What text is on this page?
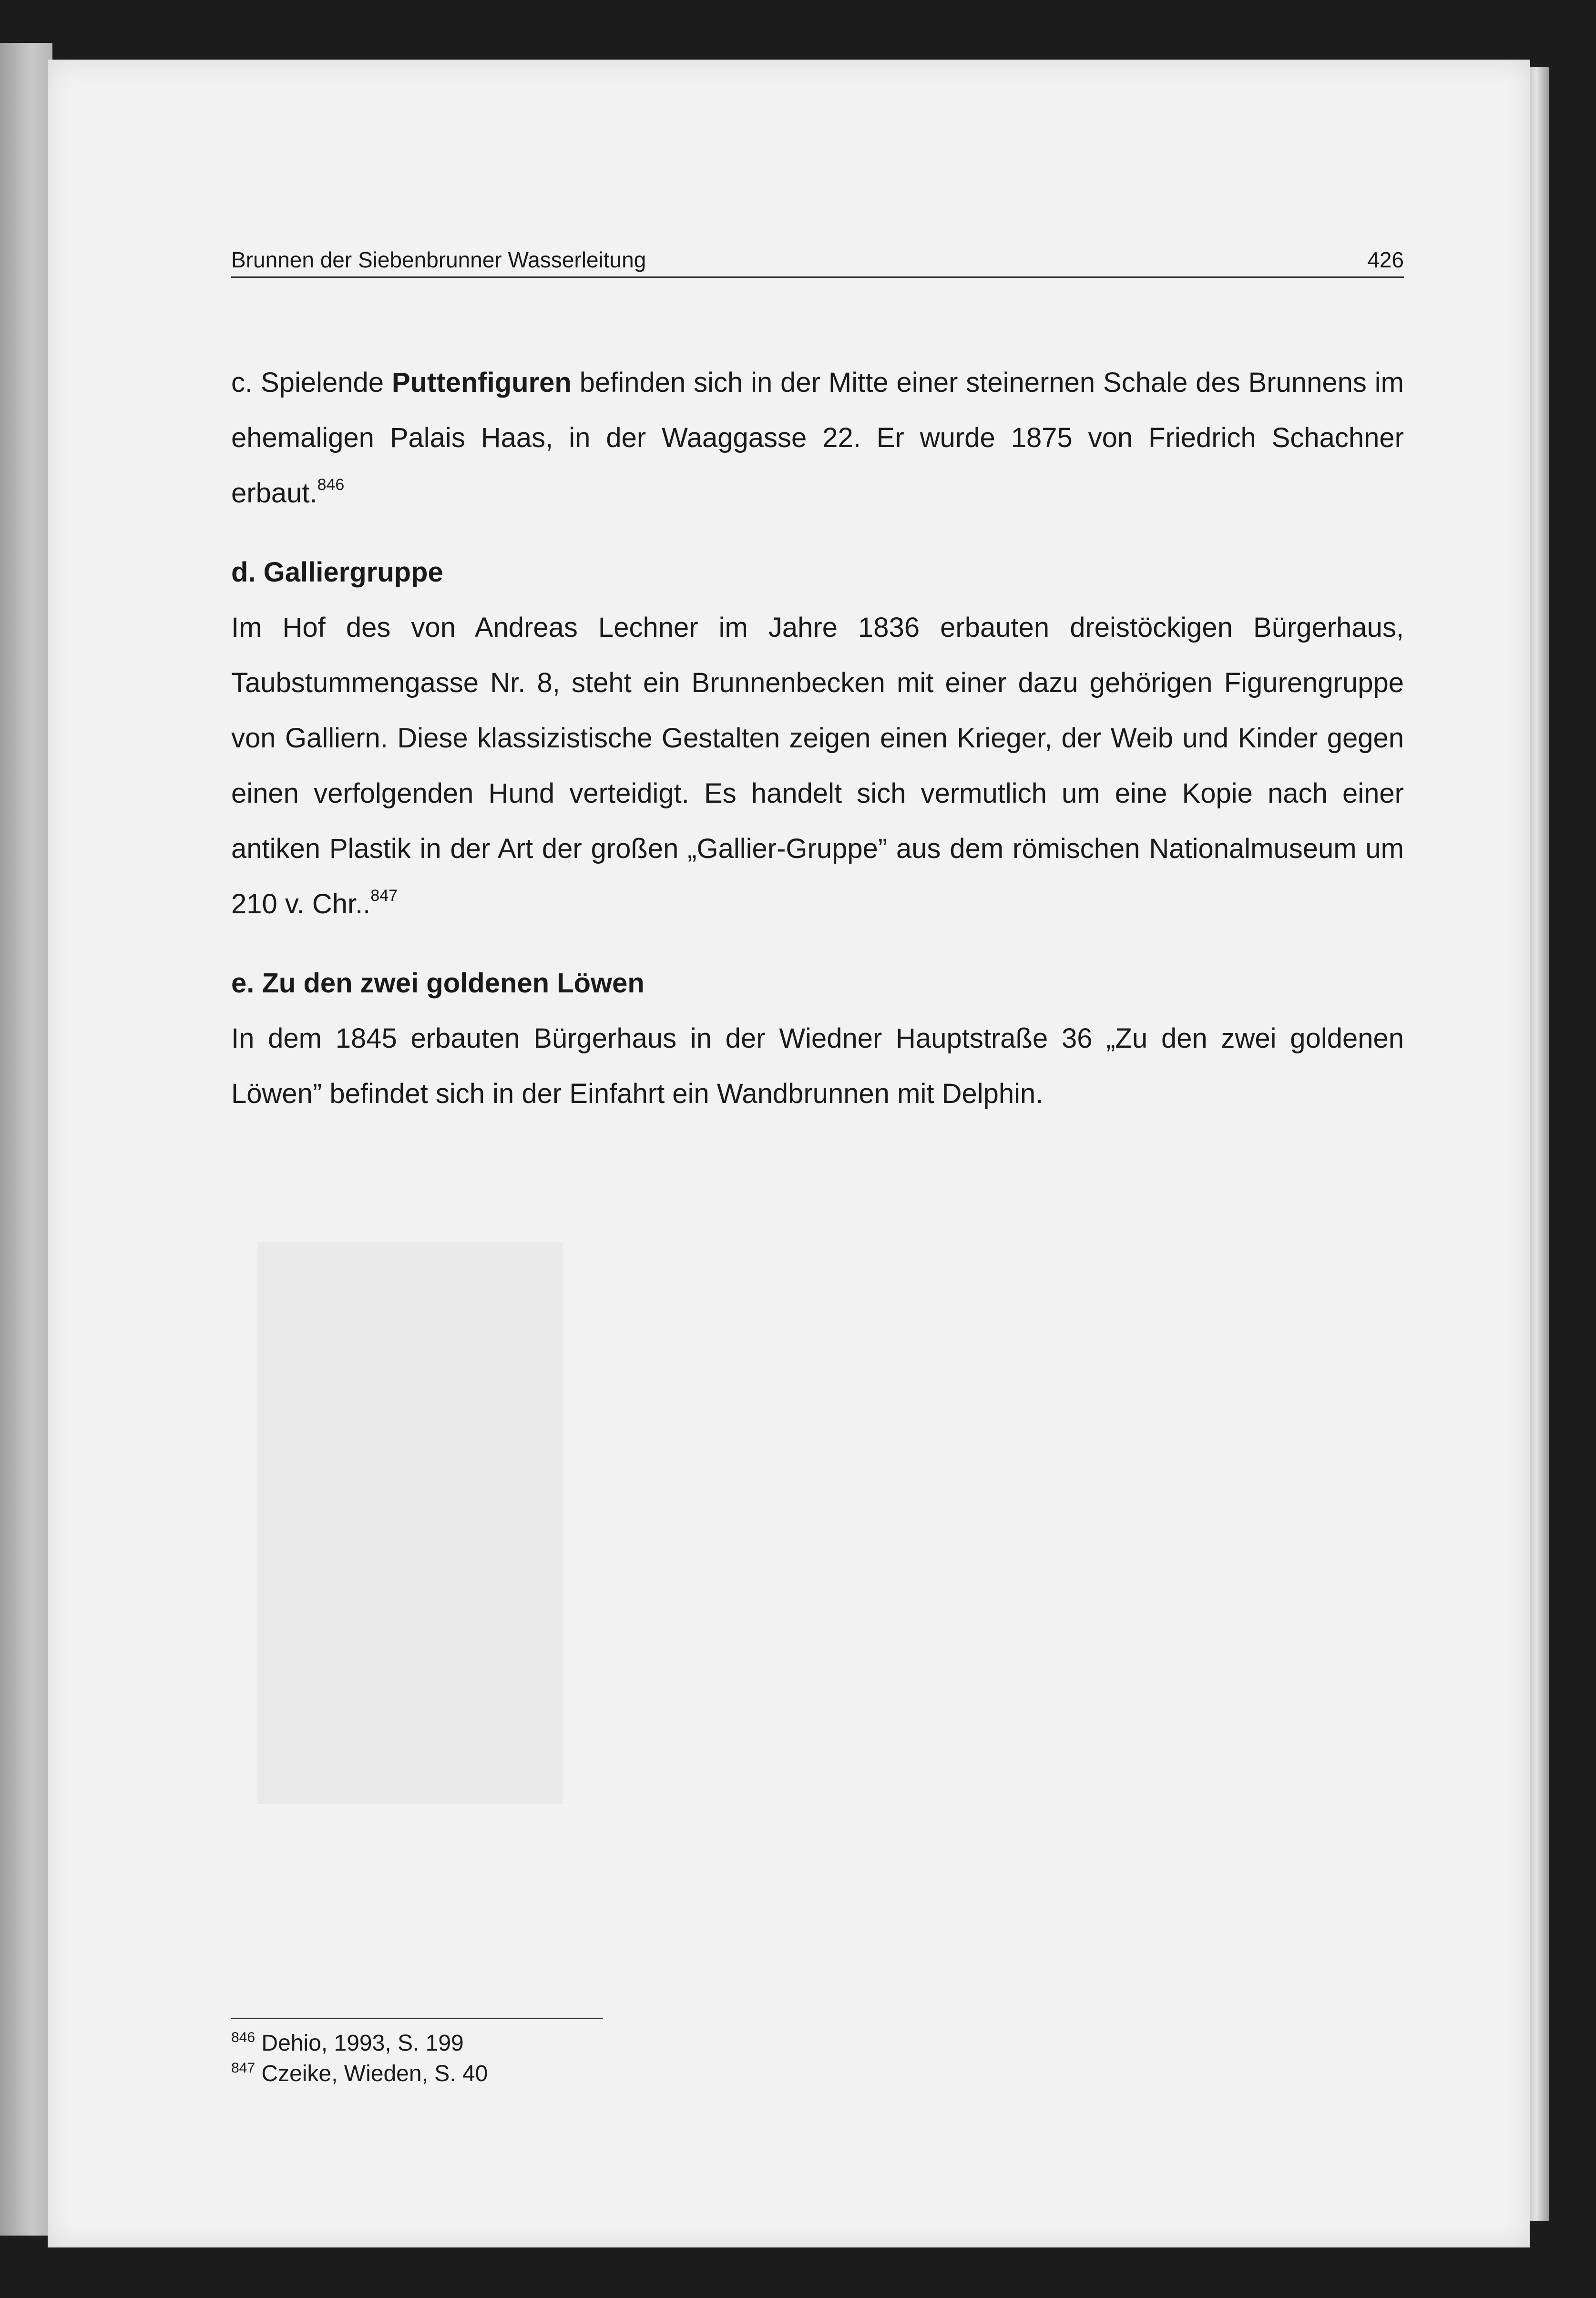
Brunnen der Siebenbrunner Wasserleitung	426

c. Spielende Puttenfiguren befinden sich in der Mitte einer steinernen Schale des Brunnens im ehemaligen Palais Haas, in der Waaggasse 22. Er wurde 1875 von Friedrich Schachner erbaut.$^{846}$

d. Galliergruppe

Im Hof des von Andreas Lechner im Jahre 1836 erbauten dreistöckigen Bürgerhaus, Taubstummengasse Nr. 8, steht ein Brunnenbecken mit einer dazu gehörigen Figurengruppe von Galliern. Diese klassizistische Gestalten zeigen einen Krieger, der Weib und Kinder gegen einen verfolgenden Hund verteidigt. Es handelt sich vermutlich um eine Kopie nach einer antiken Plastik in der Art der großen „Gallier-Gruppe” aus dem römischen Nationalmuseum um 210 v. Chr..$^{847}$

e. Zu den zwei goldenen Löwen

In dem 1845 erbauten Bürgerhaus in der Wiedner Hauptstraße 36 „Zu den zwei goldenen Löwen” befindet sich in der Einfahrt ein Wandbrunnen mit Delphin.

$^{846}$ Dehio, 1993, S. 199
$^{847}$ Czeike, Wieden, S. 40
